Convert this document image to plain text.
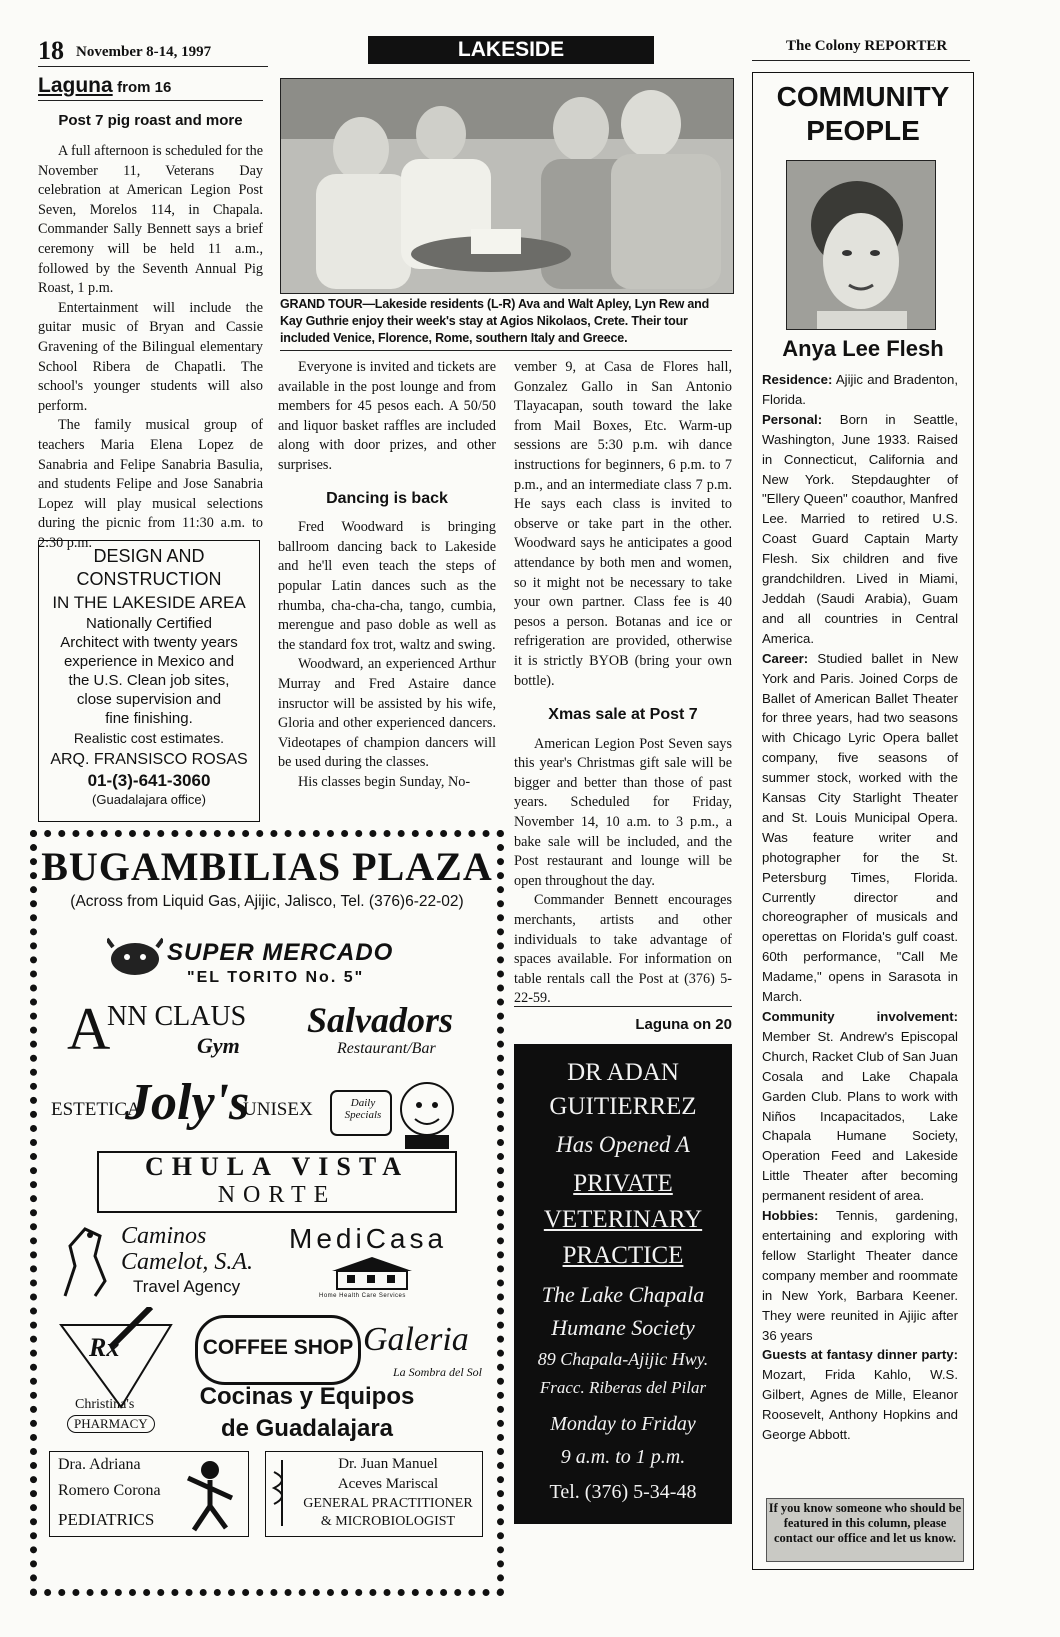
18 November 8-14, 1997	LAKESIDE	The Colony REPORTER
Laguna from 16
Post 7 pig roast and more

A full afternoon is scheduled for the November 11, Veterans Day celebration at American Legion Post Seven, Morelos 114, in Chapala. Commander Sally Bennett says a brief ceremony will be held 11 a.m., followed by the Seventh Annual Pig Roast, 1 p.m.

Entertainment will include the guitar music of Bryan and Cassie Gravening of the Bilingual elementary School Ribera de Chapatli. The school's younger students will also perform.

The family musical group of teachers Maria Elena Lopez de Sanabria and Felipe Sanabria Basulia, and students Felipe and Jose Sanabria Lopez will play musical selections during the picnic from 11:30 a.m. to 2:30 p.m.

DESIGN AND
CONSTRUCTION
IN THE LAKESIDE AREA
Nationally Certified
Architect with twenty years
experience in Mexico and
the U.S. Clean job sites,
close supervision and
fine finishing.
Realistic cost estimates.
ARQ. FRANSISCO ROSAS
01-(3)-641-3060
(Guadalajara office)
GRAND TOUR—Lakeside residents (L-R) Ava and Walt Apley, Lyn Rew and Kay Guthrie enjoy their week's stay at Agios Nikolaos, Crete. Their tour included Venice, Florence, Rome, southern Italy and Greece.

Everyone is invited and tickets are available in the post lounge and from members for 45 pesos each. A 50/50 and liquor basket raffles are included along with door prizes, and other surprises.

Dancing is back

Fred Woodward is bringing ballroom dancing back to Lakeside and he'll even teach the steps of popular Latin dances such as the rhumba, cha-cha-cha, tango, cumbia, merengue and paso doble as well as the standard fox trot, waltz and swing.

Woodward, an experienced Arthur Murray and Fred Astaire dance insructor will be assisted by his wife, Gloria and other experienced dancers. Videotapes of champion dancers will be used during the classes.

His classes begin Sunday, No-

vember 9, at Casa de Flores hall, Gonzalez Gallo in San Antonio Tlayacapan, south toward the lake from Mail Boxes, Etc. Warm-up sessions are 5:30 p.m. wih dance instructions for beginners, 6 p.m. to 7 p.m., and an intermediate class 7 p.m. He says each class is invited to observe or take part in the other. Woodward says he anticipates a good attendance by both men and women, so it might not be necessary to take your own partner. Class fee is 40 pesos a person. Botanas and ice or refrigeration are provided, otherwise it is strictly BYOB (bring your own bottle).

Xmas sale at Post 7

American Legion Post Seven says this year's Christmas gift sale will be bigger and better than those of past years. Scheduled for Friday, November 14, 10 a.m. to 3 p.m., a bake sale will be included, and the Post restaurant and lounge will be open throughout the day.

Commander Bennett encourages merchants, artists and other individuals to take advantage of spaces available. For information on table rentals call the Post at (376) 5-22-59.

Laguna on 20
DR ADAN
GUITIERREZ
Has Opened A
PRIVATE
VETERINARY
PRACTICE
The Lake Chapala
Humane Society
89 Chapala-Ajijic Hwy.
Fracc. Riberas del Pilar
Monday to Friday
9 a.m. to 1 p.m.
Tel. (376) 5-34-48
BUGAMBILIAS PLAZA
(Across from Liquid Gas, Ajijic, Jalisco, Tel. (376)6-22-02)
SUPER MERCADO
"EL TORITO No. 5"
A
NN CLAUS
Gym
Salvadors
Restaurant/Bar
ESTETICA
Joly's
UNISEX	Daily Specials
CHULA VISTA
NORTE
Caminos Camelot, S.A.
Travel Agency
MediCasa
Home Health Care Services
Rx
Christina's
PHARMACY
COFFEE SHOP Galeria
La Sombra del Sol
Cocinas y Equipos
de Guadalajara
Dra. Adriana
Romero Corona
PEDIATRICS
Dr. Juan Manuel
Aceves Mariscal
GENERAL PRACTITIONER
& MICROBIOLOGIST
COMMUNITY
PEOPLE
Anya Lee Flesh
Residence: Ajijic and Bradenton, Florida.
Personal: Born in Seattle, Washington, June 1933. Raised in Connecticut, California and New York. Stepdaughter of "Ellery Queen" coauthor, Manfred Lee. Married to retired U.S. Coast Guard Captain Marty Flesh. Six children and five grandchildren. Lived in Miami, Jeddah (Saudi Arabia), Guam and all countries in Central America.
Career: Studied ballet in New York and Paris. Joined Corps de Ballet of American Ballet Theater for three years, had two seasons with Chicago Lyric Opera ballet company, five seasons of summer stock, worked with the Kansas City Starlight Theater and St. Louis Municipal Opera. Was feature writer and photographer for the St. Petersburg Times, Florida. Currently director and choreographer of musicals and operettas on Florida's gulf coast. 60th performance, "Call Me Madame," opens in Sarasota in March.
Community involvement: Member St. Andrew's Episcopal Church, Racket Club of San Juan Cosala and Lake Chapala Garden Club. Plans to work with Niños Incapacitados, Lake Chapala Humane Society, Operation Feed and Lakeside Little Theater after becoming permanent resident of area.
Hobbies: Tennis, gardening, entertaining and exploring with fellow Starlight Theater dance company member and roommate in New York, Barbara Keener. They were reunited in Ajijic after 36 years
Guests at fantasy dinner party: Mozart, Frida Kahlo, W.S. Gilbert, Agnes de Mille, Eleanor Roosevelt, Anthony Hopkins and George Abbott.
If you know someone who should be featured in this column, please contact our office and let us know.
